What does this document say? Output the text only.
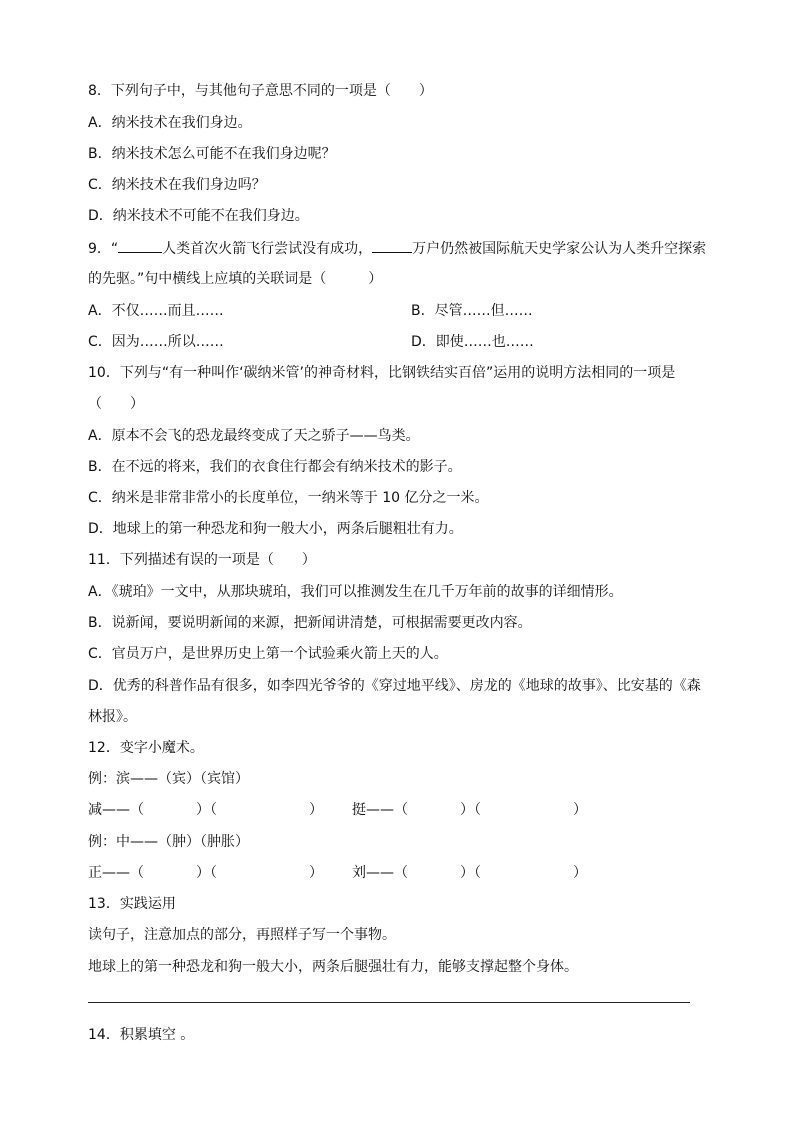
8．下列句子中，与其他句子意思不同的一项是（　　）
A．纳米技术在我们身边。
B．纳米技术怎么可能不在我们身边呢？
C．纳米技术在我们身边吗？
D．纳米技术不可能不在我们身边。
9．“	人类首次火箭飞行尝试没有成功，	万户仍然被国际航天史学家公认为人类升空探索
的先驱。”句中横线上应填的关联词是（　　　）
A．不仅……而且……	B．尽管……但……
C．因为……所以……	D．即使……也……
10．下列与“有一种叫作‘碳纳米管’的神奇材料，比钢铁结实百倍”运用的说明方法相同的一项是
（　　）
A．原本不会飞的恐龙最终变成了天之骄子——鸟类。
B．在不远的将来，我们的衣食住行都会有纳米技术的影子。
C．纳米是非常非常小的长度单位，一纳米等于 10 亿分之一米。
D．地球上的第一种恐龙和狗一般大小，两条后腿粗壮有力。
11．下列描述有误的一项是（　　）
A．《琥珀》一文中，从那块琥珀，我们可以推测发生在几千万年前的故事的详细情形。
B．说新闻，要说明新闻的来源，把新闻讲清楚，可根据需要更改内容。
C．官员万户，是世界历史上第一个试验乘火箭上天的人。
D．优秀的科普作品有很多，如李四光爷爷的《穿过地平线》、房龙的《地球的故事》、比安基的《森
林报》。
12．变字小魔术。
例：滨——（宾）（宾馆）
减——（	）（	） 挺——（	）（	）
例：中——（肿）（肿胀）
正——（	）（	） 刘——（	）（	）
13．实践运用
读句子，注意加点的部分，再照样子写一个事物。
地球上的第一种恐龙和狗一般大小，两条后腿强壮有力，能够支撑起整个身体。
14．积累填空 。
